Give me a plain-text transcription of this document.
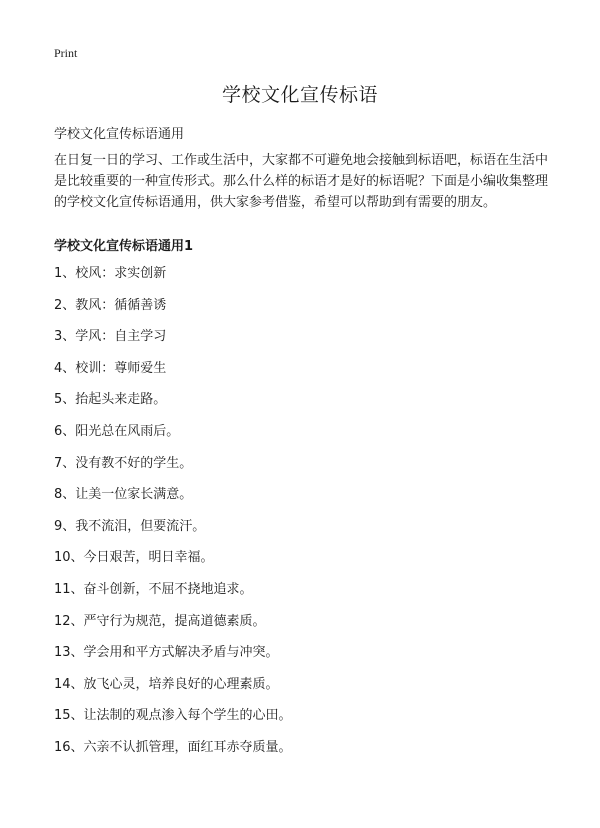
Print
学校文化宣传标语
学校文化宣传标语通用

在日复一日的学习、工作或生活中，大家都不可避免地会接触到标语吧，标语在生活中是比较重要的一种宣传形式。那么什么样的标语才是好的标语呢？下面是小编收集整理的学校文化宣传标语通用，供大家参考借鉴，希望可以帮助到有需要的朋友。

学校文化宣传标语通用1
1、校风：求实创新
2、教风：循循善诱
3、学风：自主学习
4、校训：尊师爱生
5、抬起头来走路。
6、阳光总在风雨后。
7、没有教不好的学生。
8、让美一位家长满意。
9、我不流泪，但要流汗。
10、今日艰苦，明日幸福。
11、奋斗创新，不屈不挠地追求。
12、严守行为规范，提高道德素质。
13、学会用和平方式解决矛盾与冲突。
14、放飞心灵，培养良好的心理素质。
15、让法制的观点渗入每个学生的心田。
16、六亲不认抓管理，面红耳赤夺质量。
